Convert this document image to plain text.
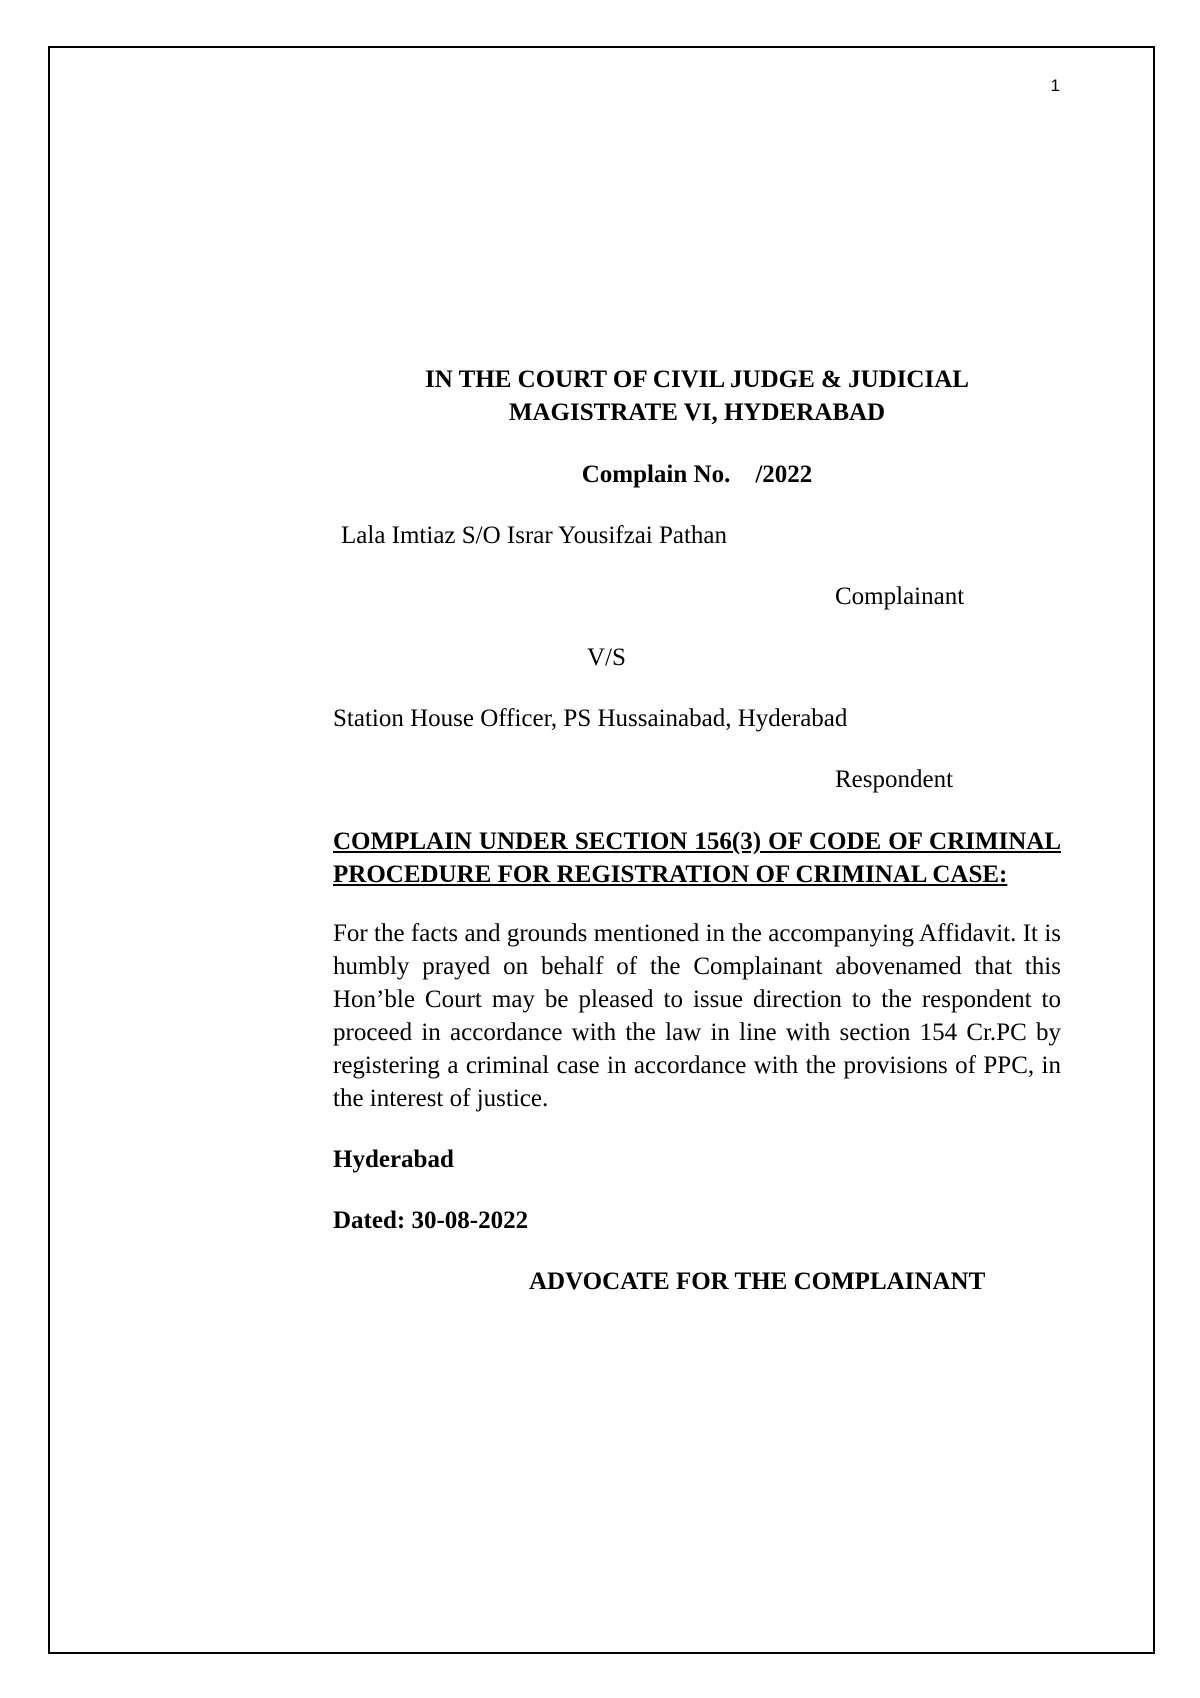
1
IN THE COURT OF CIVIL JUDGE & JUDICIAL
MAGISTRATE VI, HYDERABAD
Complain No.    /2022
Lala Imtiaz S/O Israr Yousifzai Pathan
Complainant
V/S
Station House Officer, PS Hussainabad, Hyderabad
Respondent
COMPLAIN UNDER SECTION 156(3) OF CODE OF CRIMINAL PROCEDURE FOR REGISTRATION OF CRIMINAL CASE:
For the facts and grounds mentioned in the accompanying Affidavit. It is humbly prayed on behalf of the Complainant abovenamed that this Hon’ble Court may be pleased to issue direction to the respondent to proceed in accordance with the law in line with section 154 Cr.PC by registering a criminal case in accordance with the provisions of PPC, in the interest of justice.
Hyderabad
Dated: 30-08-2022
ADVOCATE FOR THE COMPLAINANT
